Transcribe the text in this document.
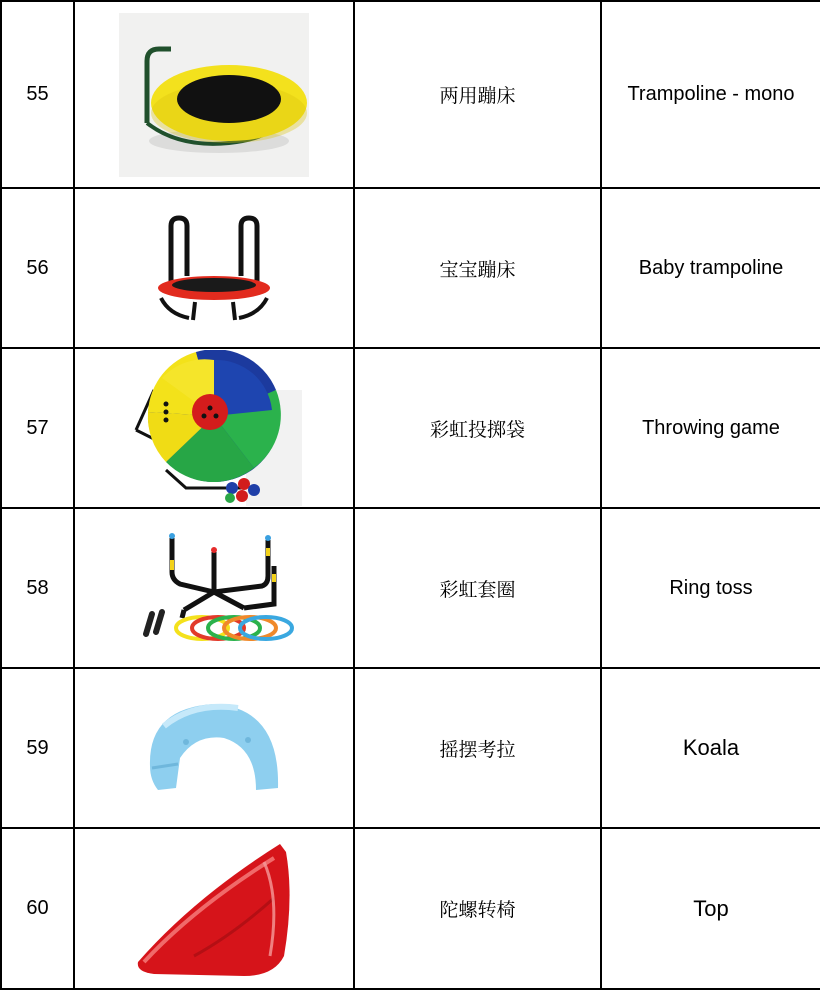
55		两用蹦床	Trampoline - mono
56		宝宝蹦床	Baby trampoline
57		彩虹投掷袋	Throwing game
58		彩虹套圈	Ring toss
59		摇摆考拉	Koala
60		陀螺转椅	Top
